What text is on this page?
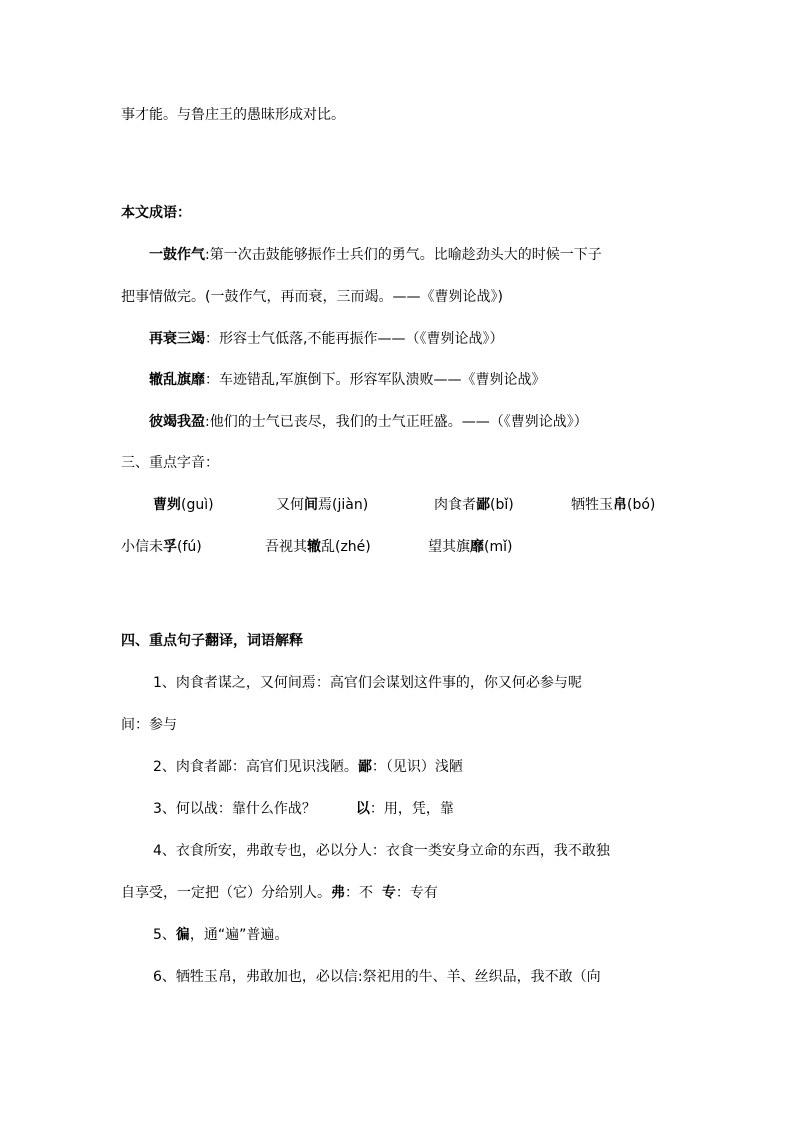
事才能。与鲁庄王的愚昧形成对比。
本文成语：
一鼓作气:第一次击鼓能够振作士兵们的勇气。比喻趁劲头大的时候一下子
把事情做完。(一鼓作气，再而衰，三而竭。——《曹刿论战》)
再衰三竭：形容士气低落,不能再振作——（《曹刿论战》）
辙乱旗靡：车迹错乱,军旗倒下。形容军队溃败——《曹刿论战》
彼竭我盈:他们的士气已丧尽，我们的士气正旺盛。——（《曹刿论战》）
三、重点字音：
曹刿(guì)	又何间焉(jiàn)	肉食者鄙(bǐ)	牺牲玉帛(bó)
小信未孚(fú)	吾视其辙乱(zhé)	望其旗靡(mǐ)
四、重点句子翻译，词语解释
1、肉食者谋之，又何间焉：高官们会谋划这件事的，你又何必参与呢
间：参与
2、肉食者鄙：高官们见识浅陋。鄙：（见识）浅陋
3、何以战：靠什么作战？	以：用，凭，靠
4、衣食所安，弗敢专也，必以分人：衣食一类安身立命的东西，我不敢独
自享受，一定把（它）分给别人。弗：不  专：专有
5、徧，通“遍”普遍。
6、牺牲玉帛，弗敢加也，必以信:祭祀用的牛、羊、丝织品，我不敢（向
